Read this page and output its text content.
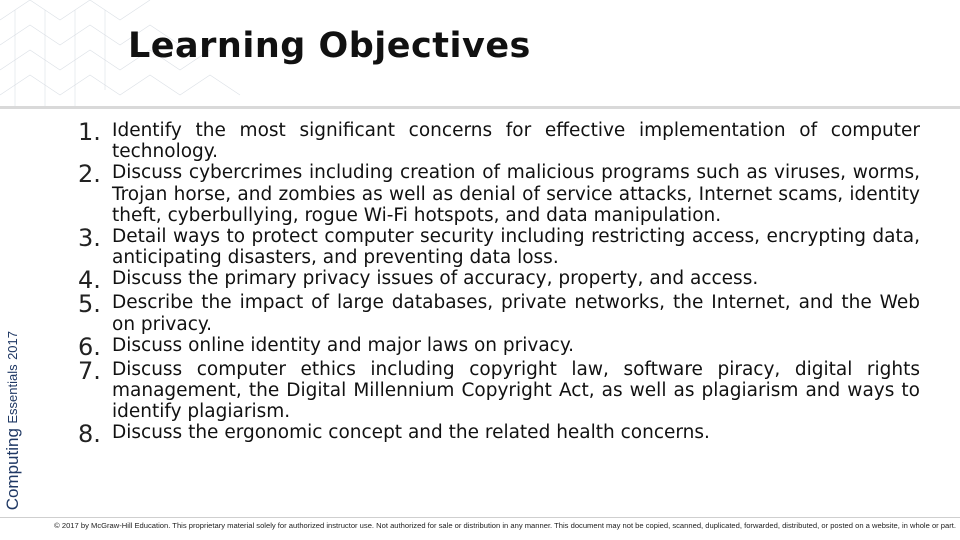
Learning Objectives
Computing Essentials 2017
1. Identify the most significant concerns for effective implementation of computer technology.
2. Discuss cybercrimes including creation of malicious programs such as viruses, worms, Trojan horse, and zombies as well as denial of service attacks, Internet scams, identity theft, cyberbullying, rogue Wi-Fi hotspots, and data manipulation.
3. Detail ways to protect computer security including restricting access, encrypting data, anticipating disasters, and preventing data loss.
4. Discuss the primary privacy issues of accuracy, property, and access.
5. Describe the impact of large databases, private networks, the Internet, and the Web on privacy.
6. Discuss online identity and major laws on privacy.
7. Discuss computer ethics including copyright law, software piracy, digital rights management, the Digital Millennium Copyright Act, as well as plagiarism and ways to identify plagiarism.
8. Discuss the ergonomic concept and the related health concerns.

© 2017 by McGraw-Hill Education. This proprietary material solely for authorized instructor use. Not authorized for sale or distribution in any manner. This document may not be copied, scanned, duplicated, forwarded, distributed, or posted on a website, in whole or part.
